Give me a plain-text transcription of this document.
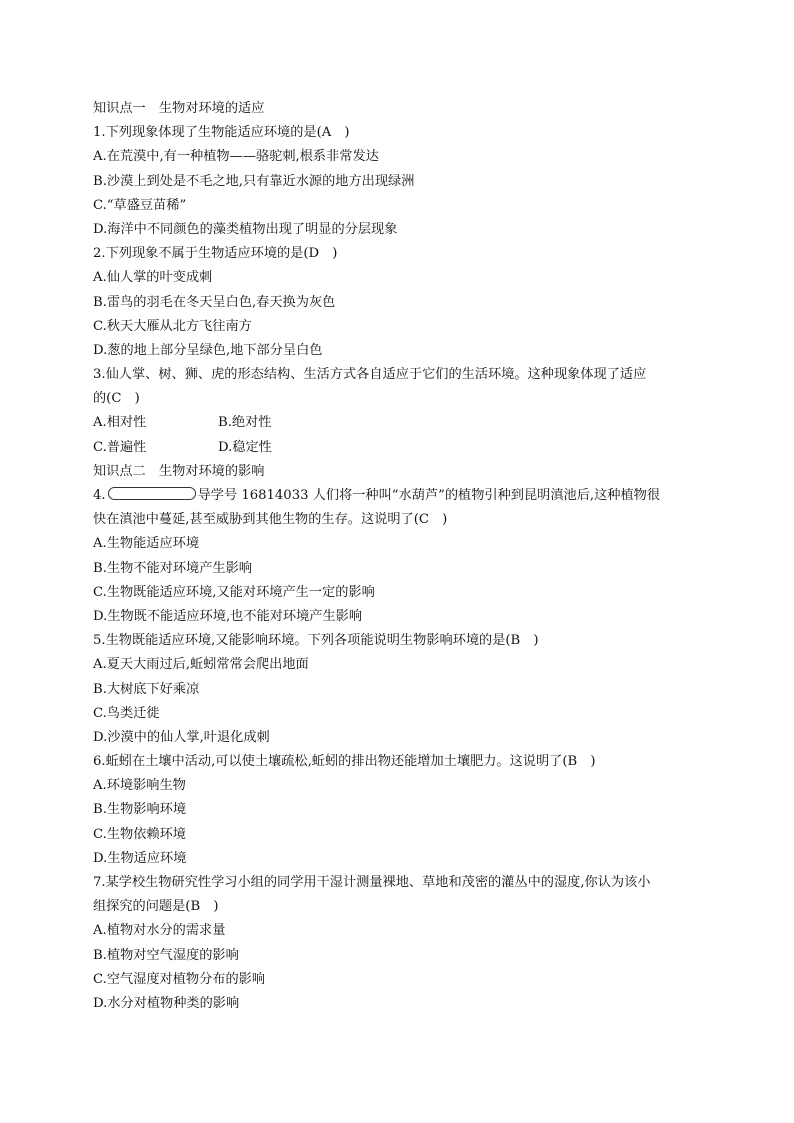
知识点一　生物对环境的适应
1.下列现象体现了生物能适应环境的是(A　)
A.在荒漠中,有一种植物——骆驼刺,根系非常发达
B.沙漠上到处是不毛之地,只有靠近水源的地方出现绿洲
C.“草盛豆苗稀”
D.海洋中不同颜色的藻类植物出现了明显的分层现象
2.下列现象不属于生物适应环境的是(D　)
A.仙人掌的叶变成刺
B.雷鸟的羽毛在冬天呈白色,春天换为灰色
C.秋天大雁从北方飞往南方
D.葱的地上部分呈绿色,地下部分呈白色
3.仙人掌、树、狮、虎的形态结构、生活方式各自适应于它们的生活环境。这种现象体现了适应
的(C　)
A.相对性	B.绝对性
C.普遍性	D.稳定性
知识点二　生物对环境的影响
4.	导学号 16814033 人们将一种叫“水葫芦”的植物引种到昆明滇池后,这种植物很
快在滇池中蔓延,甚至威胁到其他生物的生存。这说明了(C　)
A.生物能适应环境
B.生物不能对环境产生影响
C.生物既能适应环境,又能对环境产生一定的影响
D.生物既不能适应环境,也不能对环境产生影响
5.生物既能适应环境,又能影响环境。下列各项能说明生物影响环境的是(B　)
A.夏天大雨过后,蚯蚓常常会爬出地面
B.大树底下好乘凉
C.鸟类迁徙
D.沙漠中的仙人掌,叶退化成刺
6.蚯蚓在土壤中活动,可以使土壤疏松,蚯蚓的排出物还能增加土壤肥力。这说明了(B　)
A.环境影响生物
B.生物影响环境
C.生物依赖环境
D.生物适应环境
7.某学校生物研究性学习小组的同学用干湿计测量裸地、草地和茂密的灌丛中的湿度,你认为该小
组探究的问题是(B　)
A.植物对水分的需求量
B.植物对空气湿度的影响
C.空气湿度对植物分布的影响
D.水分对植物种类的影响
